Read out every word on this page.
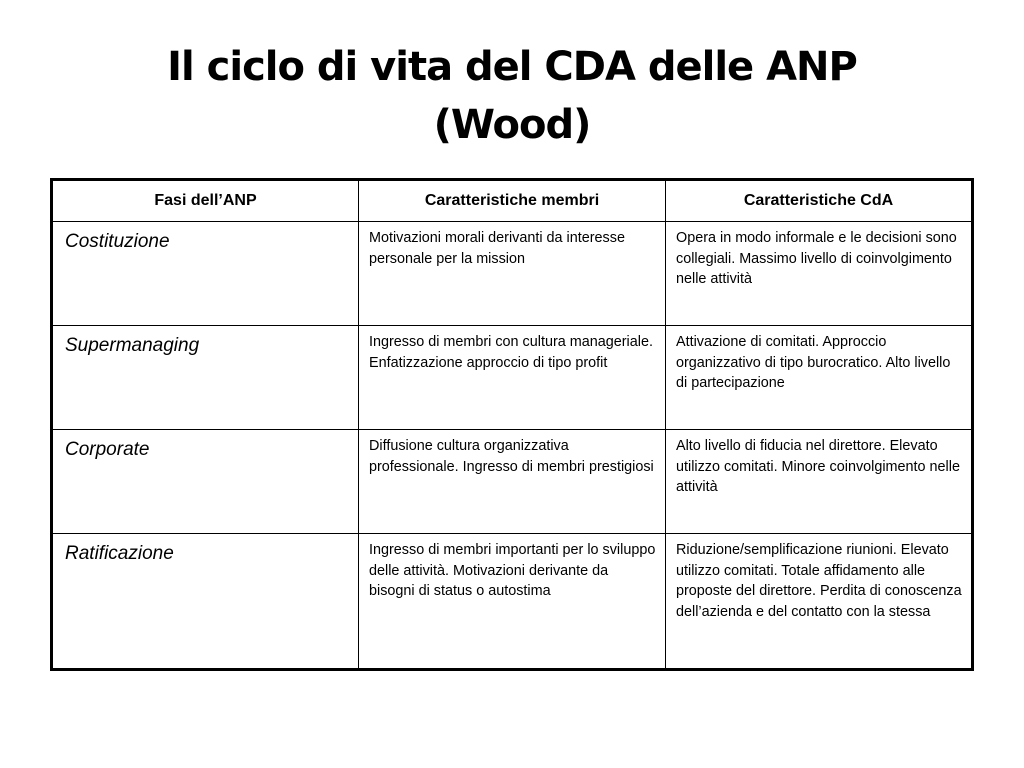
Il ciclo di vita del CDA delle ANP
(Wood)
Fasi dell’ANP	Caratteristiche membri	Caratteristiche CdA
Costituzione	Motivazioni morali derivanti da interesse personale per la mission	Opera in modo informale e le decisioni sono collegiali. Massimo livello di coinvolgimento nelle attività
Supermanaging	Ingresso di membri con cultura manageriale. Enfatizzazione approccio di tipo profit	Attivazione di comitati. Approccio organizzativo di tipo burocratico. Alto livello di partecipazione
Corporate	Diffusione cultura organizzativa professionale. Ingresso di membri prestigiosi	Alto livello di fiducia nel direttore. Elevato utilizzo comitati. Minore coinvolgimento nelle attività
Ratificazione	Ingresso di membri importanti per lo sviluppo delle attività. Motivazioni derivante da bisogni di status o autostima	Riduzione/semplificazione riunioni. Elevato utilizzo comitati. Totale affidamento alle proposte del direttore. Perdita di conoscenza dell’azienda e del contatto con la stessa
